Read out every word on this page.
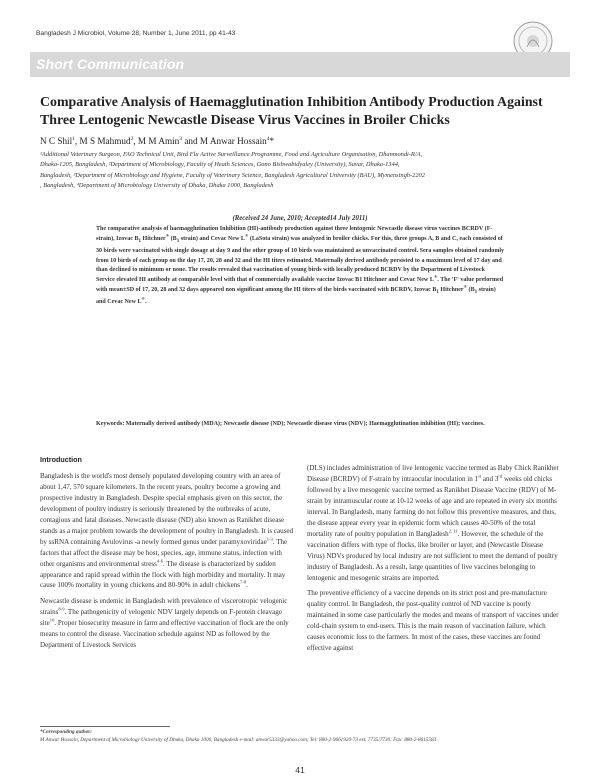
Bangladesh J Microbiol, Volume 28, Number 1, June 2011, pp 41-43
Short Communication
Comparative Analysis of Haemagglutination Inhibition Antibody Production Against Three Lentogenic Newcastle Disease Virus Vaccines in Broiler Chicks
N C Shil$^1$, M S Mahmud$^2$, M M Amin$^3$ and M Anwar Hossain$^4$*
¹Additional Veterinary Surgeon, FAO Technical Unit, Bird Flu Active Surveillance Programme, Food and Agriculture Organisation, Dhanmondi-R/A,
Dhaka-1205, Bangladesh, ²Department of Microbiology, Faculty of Heath Sciences, Gono Bishwabidyaley (University), Savar, Dhaka-1344,
Bangladesh, ³Department of Microbiology and Hygiene, Faculty of Veterinary Science, Bangladesh Agricultural University (BAU), Mymensingh-2202
, Bangladesh, ⁴Department of Microbiology University of Dhaka, Dhaka 1000, Bangladesh
(Received 24 June, 2010; Accepted14 July 2011)
The comparative analysis of haemagglutination Inhibition (HI)-antibody production against three lentogenic Newcastle disease virus vaccines BCRDV (F-strain), Izovac $B_1$ Hitchner® ($B_1$ strain) and Cevac New L® (LaSota strain) was analyzed in broiler chicks. For this, three groups A, B and C, each consisted of 30 birds were vaccinated with single dosage at day 9 and the other group of 10 birds was maintained as unvaccinated control. Sera samples obtained randomly from 10 birds of each group on the day 17, 20, 28 and 32 and the HI titers estimated. Maternally derived antibody persisted to a maximum level of 17 day and than declined to minimum or none. The results revealed that vaccination of young birds with locally produced BCRDV by the Department of Livestock Service elevated HI antibody at comparable level with that of commercially available vaccine Izovac B1 Hitchner and Cevac New L®. The 'F' value preformed with mean±SD of 17, 20, 28 and 32 days appeared non significant among the HI titers of the birds vaccinated with BCRDV, Izovac $B_1$ Hitchner® ($B_1$ strain) and Cevac New L®.
Keywords: Maternally derived antibody (MDA); Newcastle disease (ND); Newcastle disease virus (NDV); Haemagglutination inhibition (HI); vaccines.
Introduction

Bangladesh is the world's most densely populated developing country with an area of about 1,47, 570 square kilometers. In the recent years, poultry become a growing and prospective industry in Bangladesh. Despite special emphasis given on this sector, the development of poultry industry is seriously threatened by the outbreaks of acute, contagious and fatal diseases. Newcastle disease (ND) also known as Ranikhet disease stands as a major problem towards the development of poultry in Bangladesh. It is caused by ssRNA containing Avulovirus -a newly formed genus under paramyxoviridae$^{1-3}$. The factors that affect the disease may be host, species, age, immune status, infection with other organisms and environmental stress$^{4-6}$. The disease is characterized by sudden appearance and rapid spread within the flock with high morbidity and mortality. It may cause 100% mortality in young chickens and 80-90% in adult chickens$^{7-8}$.

Newcastle disease is endemic in Bangladesh with prevalence of viscerotropic velogenic strains$^{8-9}$. The pathogenicity of velogenic NDV largely depends on F-protein cleavage site$^{10}$. Proper biosecurity measure in farm and effective vaccination of flock are the only means to control the disease. Vaccination schedule against ND as followed by the Department of Livestock Services

(DLS) includes administration of live lentogenic vaccine termed as Baby Chick Ranikhet Disease (BCRDV) of F-strain by intraocular inoculation in 1st and 3rd weeks old chicks followed by a live mesogenic vaccine termed as Ranikhet Disease Vaccine (RDV) of M-strain by intramuscular route at 10-12 weeks of age and are repeated in every six months interval. In Bangladesh, many farming do not follow this preventive measures, and thus, the disease appear every year in epidemic form which causes 40-50% of the total mortality rate of poultry population in Bangladesh$^{2, 11}$. However, the schedule of the vaccination differs with type of flocks, like broiler or layer, and (Newcastle Disease Virus) NDVs produced by local industry are not sufficient to meet the demand of poultry industry of Bangladesh. As a result, large quantities of live vaccines belonging to lentogenic and mesogenic strains are imported.

The preventive efficiency of a vaccine depends on its strict post and pre-manufacture quality control. In Bangladesh, the post-quality control of ND vaccine is poorly maintained in some case particularly the modes and means of transport of vaccines under cold-chain system to end-users. This is the main reason of vaccination failure, which causes economic loss to the farmers. In most of the cases, these vaccines are found effective against

*Corresponding author:
M Anwar Hossain, Department of Microbiology University of Dhaka, Dhaka 1000, Bangladesh e-mail: anwar5333@yahoo.com; Tel: 880-2-9661920-73 ext. 7735/7730; Fax: 880-2-8615583
41
